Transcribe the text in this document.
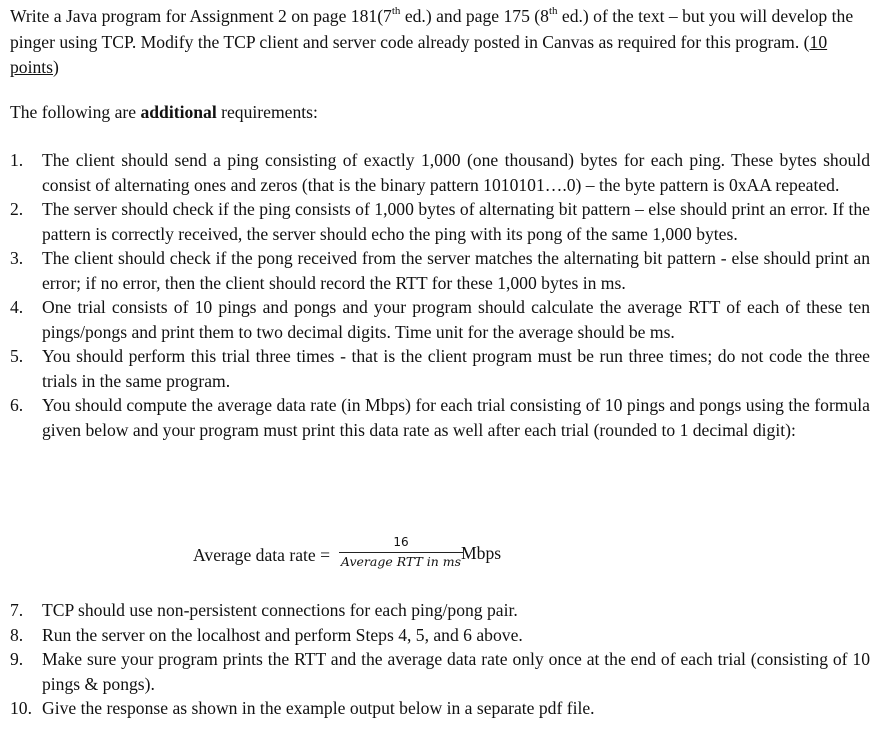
Write a Java program for Assignment 2 on page 181(7th ed.) and page 175 (8th ed.) of the text – but you will develop the pinger using TCP. Modify the TCP client and server code already posted in Canvas as required for this program. (10 points)

The following are additional requirements:

1. The client should send a ping consisting of exactly 1,000 (one thousand) bytes for each ping. These bytes should consist of alternating ones and zeros (that is the binary pattern 1010101….0) – the byte pattern is 0xAA repeated.
2. The server should check if the ping consists of 1,000 bytes of alternating bit pattern – else should print an error. If the pattern is correctly received, the server should echo the ping with its pong of the same 1,000 bytes.
3. The client should check if the pong received from the server matches the alternating bit pattern - else should print an error; if no error, then the client should record the RTT for these 1,000 bytes in ms.
4. One trial consists of 10 pings and pongs and your program should calculate the average RTT of each of these ten pings/pongs and print them to two decimal digits. Time unit for the average should be ms.
5. You should perform this trial three times - that is the client program must be run three times; do not code the three trials in the same program.
6. You should compute the average data rate (in Mbps) for each trial consisting of 10 pings and pongs using the formula given below and your program must print this data rate as well after each trial (rounded to 1 decimal digit):
Average data rate =
16
Average RTT in ms Mbps
7. TCP should use non-persistent connections for each ping/pong pair.
8. Run the server on the localhost and perform Steps 4, 5, and 6 above.
9. Make sure your program prints the RTT and the average data rate only once at the end of each trial (consisting of 10 pings & pongs).
10. Give the response as shown in the example output below in a separate pdf file.
